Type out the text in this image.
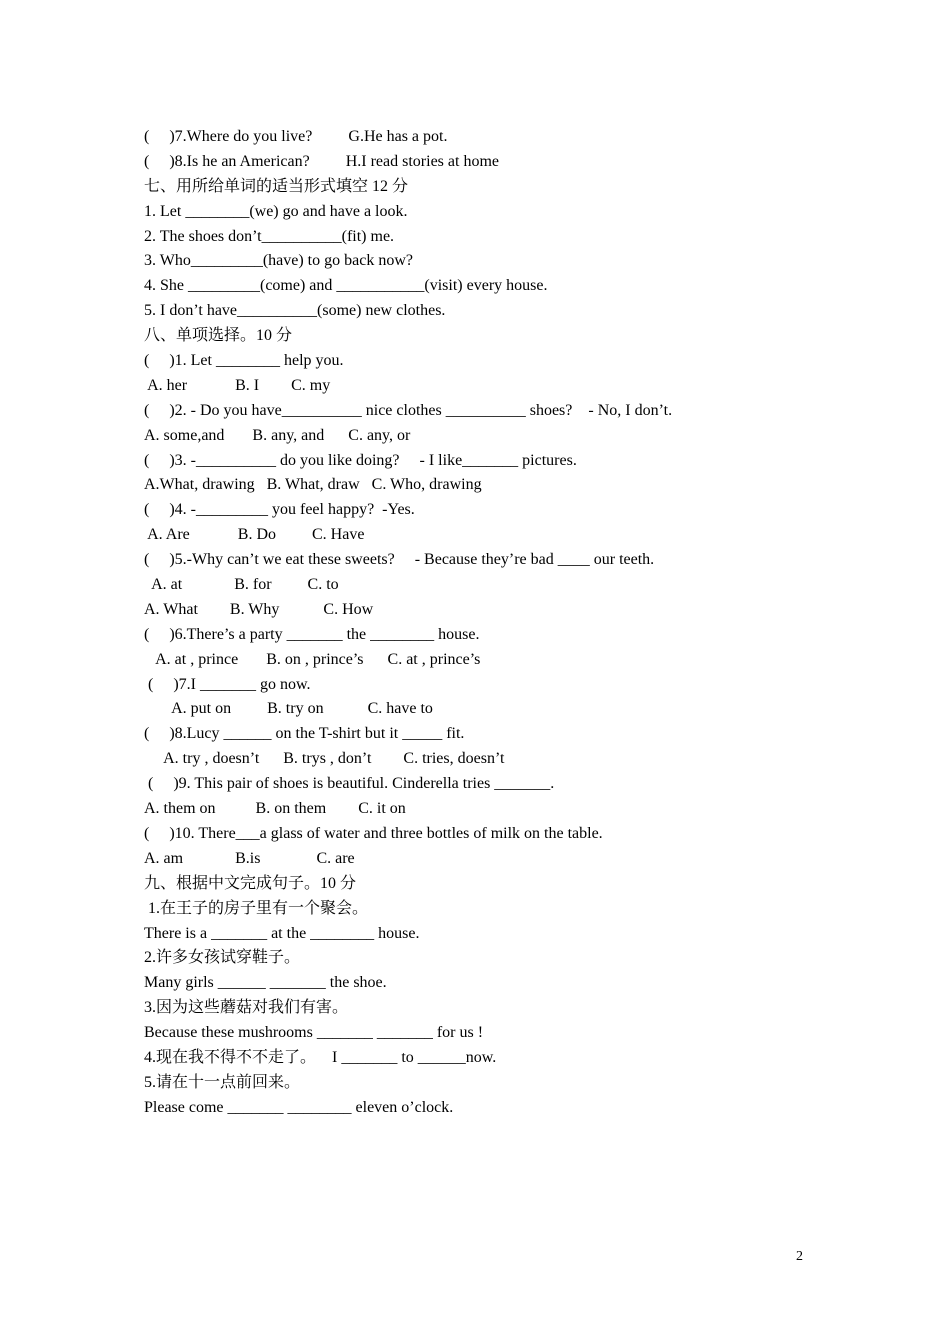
(     )7.Where do you live?         G.He has a pot.
(     )8.Is he an American?         H.I read stories at home
七、用所给单词的适当形式填空 12 分
1. Let ________(we) go and have a look.
2. The shoes don’t__________(fit) me.
3. Who_________(have) to go back now?
4. She _________(come) and ___________(visit) every house.
5. I don’t have__________(some) new clothes.
八、单项选择。10 分
(     )1. Let ________ help you.
A. her            B. I        C. my
(     )2. - Do you have__________ nice clothes __________ shoes?    - No, I don’t.
A. some,and       B. any, and      C. any, or
(     )3. -__________ do you like doing?     - I like_______ pictures.
A.What, drawing   B. What, draw   C. Who, drawing
(     )4. -_________ you feel happy?  -Yes.
A. Are            B. Do         C. Have
(     )5.-Why can’t we eat these sweets?     - Because they’re bad ____ our teeth.
A. at             B. for         C. to
A. What        B. Why           C. How
(     )6.There’s a party _______ the ________ house.
A. at , prince       B. on , prince’s      C. at , prince’s
(     )7.I _______ go now.
A. put on         B. try on           C. have to
(     )8.Lucy ______ on the T-shirt but it _____ fit.
A. try , doesn’t      B. trys , don’t        C. tries, doesn’t
(     )9. This pair of shoes is beautiful. Cinderella tries _______.
A. them on          B. on them        C. it on
(     )10. There___a glass of water and three bottles of milk on the table.
A. am             B.is              C. are
九、根据中文完成句子。10 分
1.在王子的房子里有一个聚会。
There is a _______ at the ________ house.
2.许多女孩试穿鞋子。
Many girls ______ _______ the shoe.
3.因为这些蘑菇对我们有害。
Because these mushrooms _______ _______ for us !
4.现在我不得不不走了。    I _______ to ______now.
5.请在十一点前回来。
Please come _______ ________ eleven o’clock.
2
